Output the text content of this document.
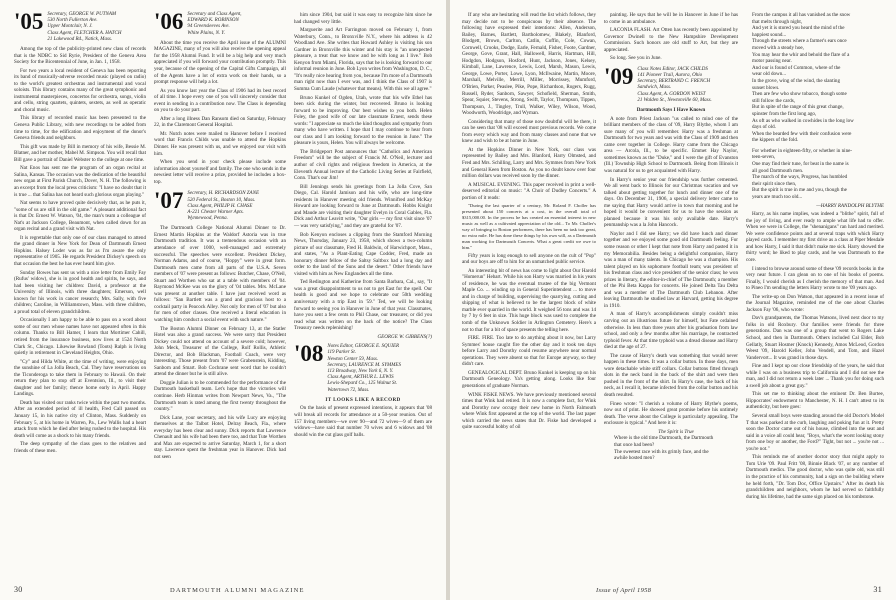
'05 Secretary, GEORGE W. PUTNAM
530 North Fullerton Ave.
Upper Montclair, N. J.
Class Agent, FLETCHER A. HATCH
21 Lakewood Rd., Natick, Mass.

Among the top of the publicity-printed new class of records that is the NDBC to Sid Ryrie, President of the Geneva Area Society for the Bicentennial of June, in Jan. 1, 1958.

For two years a local resident of Geneva has been reporting its band of musically-adverse recorded music (played on radio) to the world's greatest orchestras and instrumental and vocal soloists. This library contains many of the great symphonic and instrumental masterpieces, concertos for orchestra, songs, violin and cello, string quartets, quintets, sextets, as well as operatic and choral music.

This library of recorded music has been presented to the Geneva Public Library, with new recordings to be added from time to time, for the edification and enjoyment of the donor's Geneva friends and neighbors.

This gift was made by Bill in memory of his wife, Bessie M. Blatner, and her mother, Mabel M. Simpson. You will recall that Bill gave a portrait of Daniel Webster to the college at one time.

Nat Enos has sent me the program of an organ recital at Salina, Kansas. The occasion was the dedication of the beautiful new organ at First Parish Church, Dover, N. H. The following is an excerpt from the local press criticism: "I have no doubt that it is true ... that Salina has not heard such glorious organ playing."

Nat seems to have proved quite decisively that, as he puts it, "some of us are still in the old game." A pleasant additional fact is that Dr. Ernest W. Watson, '04, the man's team a colleague of Nat's at Jackson College, Beaumont, when called down for an organ recital and a grand visit with Nat.

It is regrettable that only one of our class managed to attend the grand dinner in New York for Dean of Dartmouth Ernest Hopkins. Halsey Loder was as far as I'm aware the only representative of 1905. He regards President Dickey's speech on that occasion the best he has ever heard him give.

Sunday Bowes has sent us with a nice letter from Emily Fay (Rufus' widow), she is in good health and spirits, he says, and had been visiting her children: David, a professor at the University of Illinois, with three daughters; Emerson, well known for his work in cancer research; Mrs. Sally, with five children; Caroline, in Williamstown, Mass. with three children, a proud total of eleven grandchildren.

Occasionally I am happy to be able to pass on a word about some of our men whose names have not appeared often in this column. Thanks to Bill Hamer, I learn that Mortimer Cahill, retired from the insurance business, now lives at 1524 North Clark St., Chicago. Likewise Rowland (Toots) Ralph is living quietly in retirement in Cleveland Heights, Ohio.

"Cy" and Hilda White, at the time of writing, were enjoying the sunshine of La Jolla Beach, Cal. They have reservations on the Ticonderoga to take them in February to Hawaii. On their return they plan to stop off at Eventsion, Ill., to visit their daughter and her family; thence home early in April. Happy Landings.

Death has visited our ranks twice within the past two months. After an extended period of ill health, Fred Call passed on January 15, in his native city of Clinton, Mass. Suddenly on February 5, at his home in Warren, Pa., Lew Wallis had a heart attack from which he died after being rushed to the hospital. His death will come as a shock to his many friends.

The deep sympathy of the class goes to the relatives and friends of these men.

'06 Secretary and Class Agent,
EDWARD K. ROBINSON
94 Greensleeves Ave.
White Plains, N. Y.

About the time you receive the April issue of the ALUMNI MAGAZINE, many of you will also receive the opening appeal for the 1958 Alumni Fund. It will be a big help and very much appreciated if you will forward your contribution promptly. This year, because of the opening of the Capital Gifts Campaign, all of the Agents have a lot of extra work on their hands, so a prompt response will help a lot.

As you know last year the Class of 1906 had its best record of all time. I hope every one of you will sincerely consider that event in sending in a contribution now. The Class is depending on you to do your part.

After a long illness Dan Ransom died on Saturday, February 22, in the Claremont General Hospital.

Mr. Nutch notes were mailed to Hanover before I received word that Francis Childs was unable to attend the Hopkins Dinner. He was present with us, and we enjoyed our visit with him.

When you send in your check please include some information about yourself and family. The one who sends in the newsiest letter will receive a prize, provided he includes a box-top.

'07 Secretary, H. RICHARDSON ZANE
520 Federal St., Boston 10, Mass.
Class Agent, PHILIP H. CHASE
A-221 Chester Warner Apts.
Wynnewood, Penna.

The Dartmouth College National Alumni Dinner to Dr. Ernest Martin Hopkins at the Waldorf Astoria was in true Dartmouth tradition. It was a tremendous occasion with an attendance of over 1000, well-managed and extremely successful. The speeches were excellent. President Dickey, Norman Adams, and of course, "Hoppy" were in great form. Dartmouth men came from all parts of the U.S.A. Seven members of '07 were present as follows: Butcher, Chase, O'Neil, Stuart and Worthen who sat at a table with members of '04. Raymond McKee was on the glory of '04 tables. Mrs. McLane was present at another table. I have just received word as follows: "San Bartlett was a grand and gracious host to a cocktail party in Peacock Alley. Not only for men of '07 but also for men of other classes. One received a literal education in watching him conduct a social event with such nature."

The Boston Alumni Dinner on February 13, at the Statler Hotel was also a grand success. We were sorry that President Dickey could not attend on account of a severe cold; however, John Meck, Treasurer of the College, Rolf Rollis, Athletic Director, and Bob Blackman, Football Coach, were very interesting. Those present from '07 were Grabenstein, Kidding, Sanborn and Smart. Bob Cochrane sent word that he couldn't attend the dinner but he is still alive.

Doggie Julian is to be commended for the performance of the Dartmouth basketball team. Let's hope that the victories will continue. Herb Hinman writes from Newport News, Va., "The Dartmouth team is rated among the first twenty throughout the country."

Dick Lane, your secretary, and his wife Lucy are enjoying themselves at the Talbot Hotel, Delray Beach, Fla., where everyday has been clear and sunny. Dick reports that Lawrence Chenault and his wife had been there too, and that Tute Worthen and Max are expected to arrive Saturday, March 1, for a short stay. Lawrence spent the freshman year in Hanover. Dick had not seen

him since 1904, but said it was easy to recognize him since he had changed very little.

Marguerite and Art Farrington moved on February 1, from Waterbury, Conn., to Bronxville N.Y., where his address is 42 Woodland Ave. She writes that Howard Ashley is visiting his son Gardner in Bronxville this winter and his stay is "an unexpected pleasure, a treat that we know and be with long as I live." Bob Kenyon from Miami, Florida, says that he is looking forward to our informal reunion in June. Bob Lyon writes from Washington, D. C., "It's really nice hearing from you, because I'm more of a Dartmouth man right now than I ever was, and I think the Class of 1907 is Summa Cum Laude (whatever that means). With this we all agree."

Bruno Kunkel of Ogden, Utah, wrote that his wife Ethel has been sick during the winter, but recovered. Bruno is looking forward to be improving. Our best wishes to you both. Helen Foley, the good wife of our late classmate Ernest, sends these words: "I appreciate so much the kind thoughts and sympathy from many who have written. I hope that I may continue to hear from our class and I am looking forward to the reunion in June." The pleasure is yours, Helen. You will always be welcome.

The Bridgeport Post announces that "Catholics and American Freedom" will be the subject of Francis M. O'Neil, lecturer and author of civil rights and religious freedom in America, at the Eleventh Annual lecture of the Catholic Living Series at Fairfield, Conn. That's our Jim!

Bill Jennings sends his greetings from La Jolla Cove, San Diego, Cal. Harold Jamison and his wife, who are long-time residents in Hanover meeting old friends. Winnifred and McKay Howard are looking forward to June at Dartmouth. Hobbs Knight and Maude are visiting their daughter Evelyn in Coral Gables, Fla. Dick and Arthur Leavitt write, "Our girls — my first visit since '07 — was very satisfying," and they are grateful for '07.

Bob Kenyon encloses a clipping from the Stamford Morning News, Thursday, January 23, 1958, which shows a two-column picture of our classmate, Fred H. Baldwin, of Harwichport, Mass., and states, "As a Plant-Eating Cape Codder, Fred, made an honorary dinner fellow of the Saltsy Saltbox had a long day and order to the land of the Suns and the desert." Other friends have visited with him as New Englanders all the time.

Ted Redington and Katherine from Santa Barbara, Cal., say, "It was a great disappointment to us not to get East for the spell. Our health is good and we hope to celebrate our 50th wedding anniversary with a trip East in '59." Ted, we will be looking forward to seeing you in Hanover in June of that year. Classmates, have you sent a few cents to Phil Chase, our treasurer, or did you read what was written on the back of the notice? The Class Treasury needs replenishing!

GEORGE W. GIBBENS(?)
'08 Notes Editor, GEORGE E. SQUIER
119 Parker St.
Newton Center 59, Mass.
Secretary, LAURENCE M. SYMMES
113 Broadway, New York 6, N. Y.
Class Agent, ARTHUR L. LEWIS
Lewis-Shepard Co., 125 Walnut St.
Watertown 72, Mass.

IT LOOKS LIKE A RECORD

On the basis of present expressed intentions, it appears that '08 will break all records for attendance at a 50-year reunion. Out of 157 living members—we over 90—and 72 wives—9 of them are widows—have said that number 70 wives and 6 widows and '08 should win the cut glass golf balls.

30	DARTMOUTH ALUMNI MAGAZINE

If any who are hesitating will read the list which follows, they may decide not to be conspicuous by their absence. The following have expressed their intentions: Allen, Anderson, Bailey, Barnes, Bartlett, Bartholomew, Blakely, Blanford, Blodgett, Brown, Carlton, Catlin, Coffin, Cole, Cowan, Cornwell, Crooks, Dodge, Earle, Fernald, Fisher, Foote, Gardner, George, Gove, Grant, Hall, Hallowell, Harris, Hartman, Hill, Hodgdon, Hodgson, Hosford, Hunt, Jackson, Jones, Kelsey, Kimball, Lane, Lawrence, Lewis, Lord, Marsh, Mason, Lewis, George, Lowe, Porter, Lowe, Lyon, McIlwaine, Martin, Moore, Marshall, Melville, Merrill, Miller, Morrissey, Mumford, O'Brien, Parker, Peaslee, Pike, Pope, Richardson, Rogers, Rugg, Russell, Ryder, Sanborn, Sawyer, Schofield, Sherman, Smith, Spear, Squier, Stevens, Strong, Swift, Taylor, Thompson, Tippen, Thompson, J., Tingley, Trull, Walker, Wiley, Wilson, Wood, Woodworth, Woodridge, and Wyman.

Considering that many of those now doubtful will be there, it can be seen that '08 will exceed most previous records. We come from every which way and from many classes and none that we knew and wish to be at home in June.

At the Hopkins Dinner in New York, our class was represented by Bailey and Mrs. Blanford, Harry Olmsted, and Fred and Mrs. Schilling, Larry and Mrs. Symmes from New York and General Keen from Boston. As you no doubt know over four million dollars was received soon by the dinner.

A MUSICAL EVENING. This paper received in print a well-deserved editorial on music: "A Choir of Dudley Concerts." A portion of it reads:

"During the last quarter of a century, Mr. Roland F. Choller has presented about 150 concerts at a cost, in the overall total of $315,000.00. In the process he has created an essential interest in new music as well as a cultivated appreciation of the old... To Mr. Choller's way of bringing to Boston performers, there has been no task too great, no extra mile. He has done these things by his own will, as a Dartmouth man working for Dartmouth Concerts. What a great credit we owe to him."

Fifty years is long enough to sell anyone on the cult of "Pop" and our boys are off to him for an unmatched public service.

An interesting bit of news has come to light about Our Harold "Homerun" Hebart. While his son Harry was married in his years of residence, he was the eventual trustee of the big Vermont Maple Co. ... winding up in General Superintendent ... to move and in charge of building, supervising the quarrying, cutting and shipping of what is believed to be the largest block of white marble ever quarried in the world. It weighed 56 tons and was 14 by 7 by 6 feet in size. This huge block was used to complete the tomb of the Unknown Soldier in Arlington Cemetery. Here's a not to that for a bit of space presents the telling here.

FIRE. FIRE. Too late to do anything about it now, but Larry Symmes' house caught fire the other day and it took ten days before Larry and Dorothy could resume anywhere near normal operations. They were absent so that for Europe anyway, so they didn't care.

GENEALOGICAL DEPT. Bruno Kunkel is keeping up on his Dartmouth Geneology. Ya's getting along. Looks like four generations of graduate Norman.

WINK FISKE NEWS. We have previously mentioned several times that Wink had retired. It is now a complete fact, for Wink and Dorothy now occupy their new home in North Falmouth where Wink first appeared at the top of the world. The last paper which carried the news states that Dr. Fiske had developed a quite successful hobby of oil

painting. He says that he will be in Hanover in June if he has to come in an ambulance.

LACONIA FLASH. Art Otten has recently been appointed by Governor Dwinell to the New Hampshire Development Commission. Such honors are old stuff to Art, but they are appreciated.

So long. See you in June.

'09 Class Notes Editor, JACK CHILDS
141 Pioneer Trail, Aurora, Ohio
Secretary, BERTRAND C. FRENCH
Sandwich, Mass.
Class Agent, A. GORDON WEIST
21 Walden St., Newtonville 60, Mass.

Dartmouth Says I Have Known

A note from Priest Jackson "us called to mind one of the brilliant members of the class of '09, Harry Blythe, whom I am sure many of you will remember. Harry was a freshman at Dartmouth for two years and was with the Class of 1909 and then came over together in College. Harry came from the Chicago area — Arcola, Ill., to be specific. Emmet Hay Naylor, sometimes known as the "Duke," and I were the gift of Evanston (Ill.) Township High School to Dartmouth. Being from Illinois it was natural for us to get acquainted with Harry.

In Harry's senior year our friendship was further cemented. We all went back to Illinois for our Christmas vacation and we talked about getting together for lunch and dinner one of the days. On December 31, 1906, a special delivery letter came to me saying that Harry would arrive in town that morning and he hoped it would be convenient for us to have the session as planned because it was his only available date. Harry's penmanship was a la John Hancock.

Naylor and I did see Harry; we did have lunch and dinner together and we enjoyed some good old Dartmouth feeling. For some reason or other I kept that note from Harry and pasted it in my Memorabilia. Besides being a delightful companion, Harry was a man of many talents. In Chicago he was a champion. His talent played on his sophomore football team; was president of his freshman class and vice president of the senior class; he won prizes in literary, the editor-in-chief of The Dartmouth; a member of the Phi Beta Kappa for concerts. He joined Delta Tau Delta and was a member of The Dartmouth Club Lebanon. After leaving Dartmouth he studied law at Harvard, getting his degree in 1910.

A man of Harry's accomplishments simply couldn't miss carving out an illustrious future for himself, but Fate ordained otherwise. In less than three years after his graduation from law school, and only a few months after his marriage, he contracted typhoid fever. At that time typhoid was a dread disease and Harry died at the age of 27.

The cause of Harry's death was something that would never happen in these times. It was a collar button. In those days, men wore detachable white stiff collars. Collar buttons fitted through slots in the neck band in the back of the shirt and were then pushed in the front of the shirt. In Harry's case, the back of his neck, as I recall it, became infected from the collar button and his death resulted.

Fineo wrote: "I cherish a volume of Harry Blythe's poems, now out of print. He showed great promise before his untimely death. The verse about the College is particularly appealing. The enclosure is typical." And here it is:

The Spirit is True
Where is the old time Dartmouth, the Dartmouth
that once had been?
The sweetest race with its grimly face, and the
awhile hosted men?
From the campus it all has vanished as the snow
that melts through night,
And yet it is stored you heard the mind of the
happiest sound...
Through the streets where a farmer's ears once
moved with a steady hoe,
You may hear the whir and behold the flare of a
motor passing near.
And our is found of Common, where of the
wear old down...
In the grove, wing of the wind, the slanting
sunset blows.
Then are few who show tobacco, though some
still follow the cards,
But in spite of the range of this great change,
spinster from the first long ago,
As oft as who walked in cowhides in the long low
days of old.
When the bearded few with their confusion were
the kippers of the fold.
For whether in eighteen-fifty, or whether in nine-
teen-seven,
One may find their tune, for beat in the name is
all good Dartmouth men.
The march of the ways, Progress, has humbled
their spirit since then,
But the spirit is true in me and you, though the
years are much too old...
—HARRY RANDOLPH BLYTHE

Harry, as his name implies, was indeed a "blithe" spirit, full of the joy of living, and ever ready to ample what life had to offer. When we were in College, the "shenanigans" ran hard and merited. We were confidence points and at several traps with which Harry played cards. I remember my first drive as a class at Piper Mesdale and how Harry, I said it that didn't make me sick. Harry showed the thirty word; he liked to play cards, and he was Dartmouth to the core.

I intend to browse around some of these '09 records books in the very near future. I can glean on to one of his books of poems. Finally, I would cherish as I cherish the memory of that man. And to Pineo I'm sending the letters Harry wrote to me '09 years ago.

The write-up on Don Watson, that appeared in a recent issue of the Journal Magazine, reminded me of the one about Charles Jackson Fay '06, who wrote:

Dav's grandparents, the Thomas Watsons, lived next door to my folks in old Roxbury. Our families were friends for three generations. Dan was one of a group that went to Rogers Lake School, and then in Dartmouth. Others included Cal Elder, Bob Gellatly, Stuart Hosmer (Knock) Kennedy, Amos McLeod, Gordon Weest '09, Harold Keller, John Vendell, and Tom, and Hazel Vandervort... It was grand in those days.

Fine and I kept up our close friendship of the years, he said that while I was on a business trip to California and I did not see the man, and I did not return a week later ... Thank you for doing such a swell job about a great guy."

This set me to thinking about the eminent Dr. Ben Burtee, Hippocrates' endowment to Manchester, N. H. I can't attest to its authenticity, but here goes:

Several small boys were standing around the old Doctor's Model T that was parked at the curb, laughing and poking fun at it. Pretty soon the Doctor came out of his house, climbed into the seat and said in a voice all could hear, "Boys, what's the worst looking stony from one boy or another, the Ford?" Tight, but not ... you're not ... you're not."

This reminds me of another doctor story that might apply to Tom Urie '09. Paul Fritt '08, Binnie Black '07, or any number of Dartmouth medics. The good doctor, who was quite old, was still in the practice of his community, had a sign on the building where he held forth, "Dr. Tom Doc, Office Upstairs." After its death his grandchildren and neighbors, whom he had served so faithfully during his lifetime, had the same sign placed on his tombstone.

Issue of April 1958	31
